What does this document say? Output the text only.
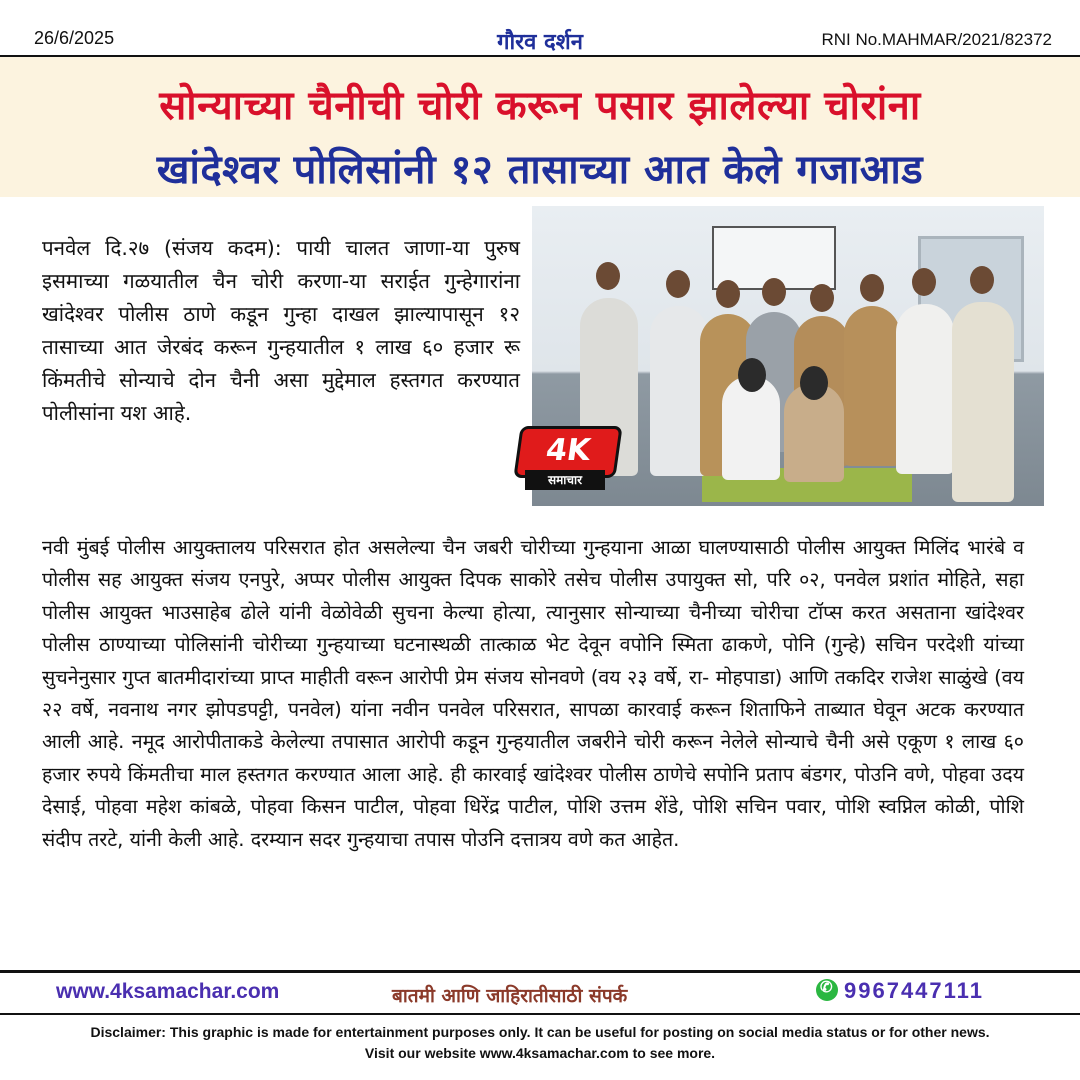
26/6/2025	गौरव दर्शन	RNI No.MAHMAR/2021/82372
सोन्याच्या चैनीची चोरी करून पसार झालेल्या चोरांना
खांदेश्वर पोलिसांनी १२ तासाच्या आत केले गजाआड
पनवेल दि.२७ (संजय कदम): पायी चालत जाणा-या पुरुष इसमाच्या गळयातील चैन चोरी करणा-या सराईत गुन्हेगारांना खांदेश्वर पोलीस ठाणे कडून गुन्हा दाखल झाल्यापासून १२ तासाच्या आत जेरबंद करून गुन्हयातील १ लाख ६० हजार रू किंमतीचे सोन्याचे दोन चैनी असा मुद्देमाल हस्तगत करण्यात पोलीसांना यश आहे.
4K
समाचार
नवी मुंबई पोलीस आयुक्तालय परिसरात होत असलेल्या चैन जबरी चोरीच्या गुन्हयाना आळा घालण्यासाठी पोलीस आयुक्त मिलिंद भारंबे व पोलीस सह आयुक्त संजय एनपुरे, अप्पर पोलीस आयुक्त दिपक साकोरे तसेच पोलीस उपायुक्त सो, परि ०२, पनवेल प्रशांत मोहिते, सहा पोलीस आयुक्त भाउसाहेब ढोले यांनी वेळोवेळी सुचना केल्या होत्या, त्यानुसार सोन्याच्या चैनीच्या चोरीचा टॉप्स करत असताना खांदेश्वर पोलीस ठाण्याच्या पोलिसांनी चोरीच्या गुन्हयाच्या घटनास्थळी तात्काळ भेट देवून वपोनि स्मिता ढाकणे, पोनि (गुन्हे) सचिन परदेशी यांच्या सुचनेनुसार गुप्त बातमीदारांच्या प्राप्त माहीती वरून आरोपी प्रेम संजय सोनवणे (वय २३ वर्षे, रा- मोहपाडा) आणि तकदिर राजेश साळुंखे (वय २२ वर्षे, नवनाथ नगर झोपडपट्टी, पनवेल) यांना नवीन पनवेल परिसरात, सापळा कारवाई करून शिताफिने ताब्यात घेवून अटक करण्यात आली आहे. नमूद आरोपीताकडे केलेल्या तपासात आरोपी कडून गुन्हयातील जबरीने चोरी करून नेलेले सोन्याचे चैनी असे एकूण १ लाख ६० हजार रुपये किंमतीचा माल हस्तगत करण्यात आला आहे. ही कारवाई खांदेश्वर पोलीस ठाणेचे सपोनि प्रताप बंडगर, पोउनि वणे, पोहवा उदय देसाई, पोहवा महेश कांबळे, पोहवा किसन पाटील, पोहवा धिरेंद्र पाटील, पोशि उत्तम शेंडे, पोशि सचिन पवार, पोशि स्वप्निल कोळी, पोशि संदीप तरटे, यांनी केली आहे. दरम्यान सदर गुन्हयाचा तपास पोउनि दत्तात्रय वणे कत आहेत.
www.4ksamachar.com	बातमी आणि जाहिरातीसाठी संपर्क
✆	9967447111
Disclaimer: This graphic is made for entertainment purposes only. It can be useful for posting on social media status or for other news. Visit our website www.4ksamachar.com to see more.
